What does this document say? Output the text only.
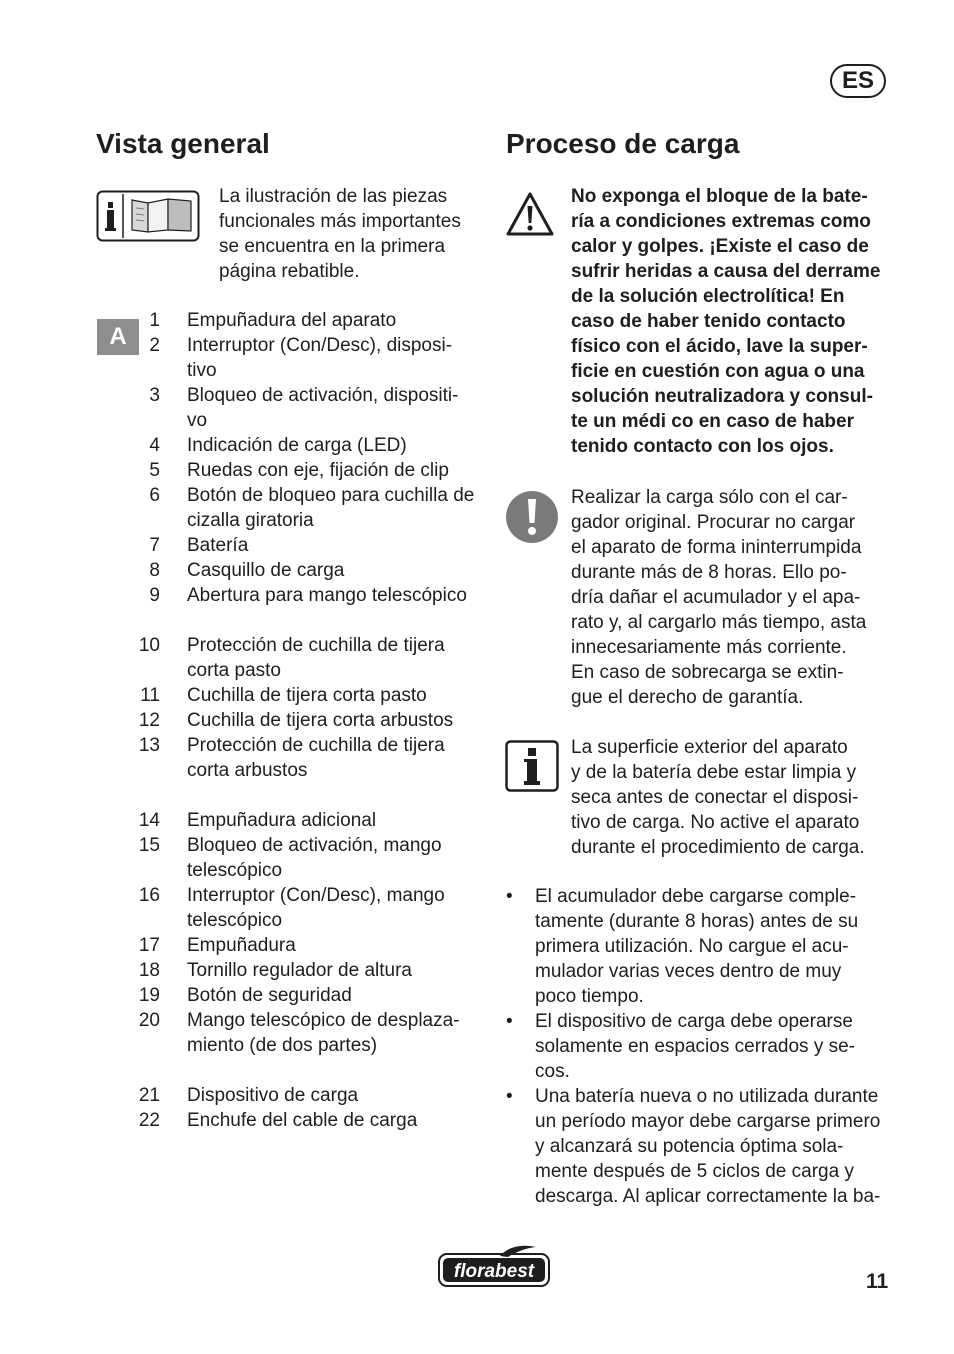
ES
Vista general
La ilustración de las piezas
funcionales más importantes
se encuentra en la primera
página rebatible.
A
1 Empuñadura del aparato
2 Interruptor (Con/Desc), disposi-
tivo
3 Bloqueo de activación, dispositi-
vo
4 Indicación de carga (LED)
5 Ruedas con eje, fijación de clip
6 Botón de bloqueo para cuchilla de
cizalla giratoria
7 Batería
8 Casquillo de carga
9 Abertura para mango telescópico
10 Protección de cuchilla de tijera
corta pasto
11 Cuchilla de tijera corta pasto
12 Cuchilla de tijera corta arbustos
13 Protección de cuchilla de tijera
corta arbustos
14 Empuñadura adicional
15 Bloqueo de activación, mango
telescópico
16 Interruptor (Con/Desc), mango
telescópico
17 Empuñadura
18 Tornillo regulador de altura
19 Botón de seguridad
20 Mango telescópico de desplaza-
miento (de dos partes)
21 Dispositivo de carga
22 Enchufe del cable de carga
Proceso de carga
No exponga el bloque de la bate-
ría a condiciones extremas como
calor y golpes. ¡Existe el caso de
sufrir heridas a causa del derrame
de la solución electrolítica! En
caso de haber tenido contacto
físico con el ácido, lave la super-
ficie en cuestión con agua o una
solución neutralizadora y consul-
te un médi co en caso de haber
tenido contacto con los ojos.
Realizar la carga sólo con el car-
gador original. Procurar no cargar
el aparato de forma ininterrumpida
durante más de 8 horas. Ello po-
dría dañar el acumulador y el apa-
rato y, al cargarlo más tiempo, asta
innecesariamente más corriente.
En caso de sobrecarga se extin-
gue el derecho de garantía.
La superficie exterior del aparato
y de la batería debe estar limpia y
seca antes de conectar el disposi-
tivo de carga. No active el aparato
durante el procedimiento de carga.
• El acumulador debe cargarse comple-
tamente (durante 8 horas) antes de su
primera utilización. No cargue el acu-
mulador varias veces dentro de muy
poco tiempo.
• El dispositivo de carga debe operarse
solamente en espacios cerrados y se-
cos.
• Una batería nueva o no utilizada durante
un período mayor debe cargarse primero
y alcanzará su potencia óptima sola-
mente después de 5 ciclos de carga y
descarga. Al aplicar correctamente la ba-
florabest	11
